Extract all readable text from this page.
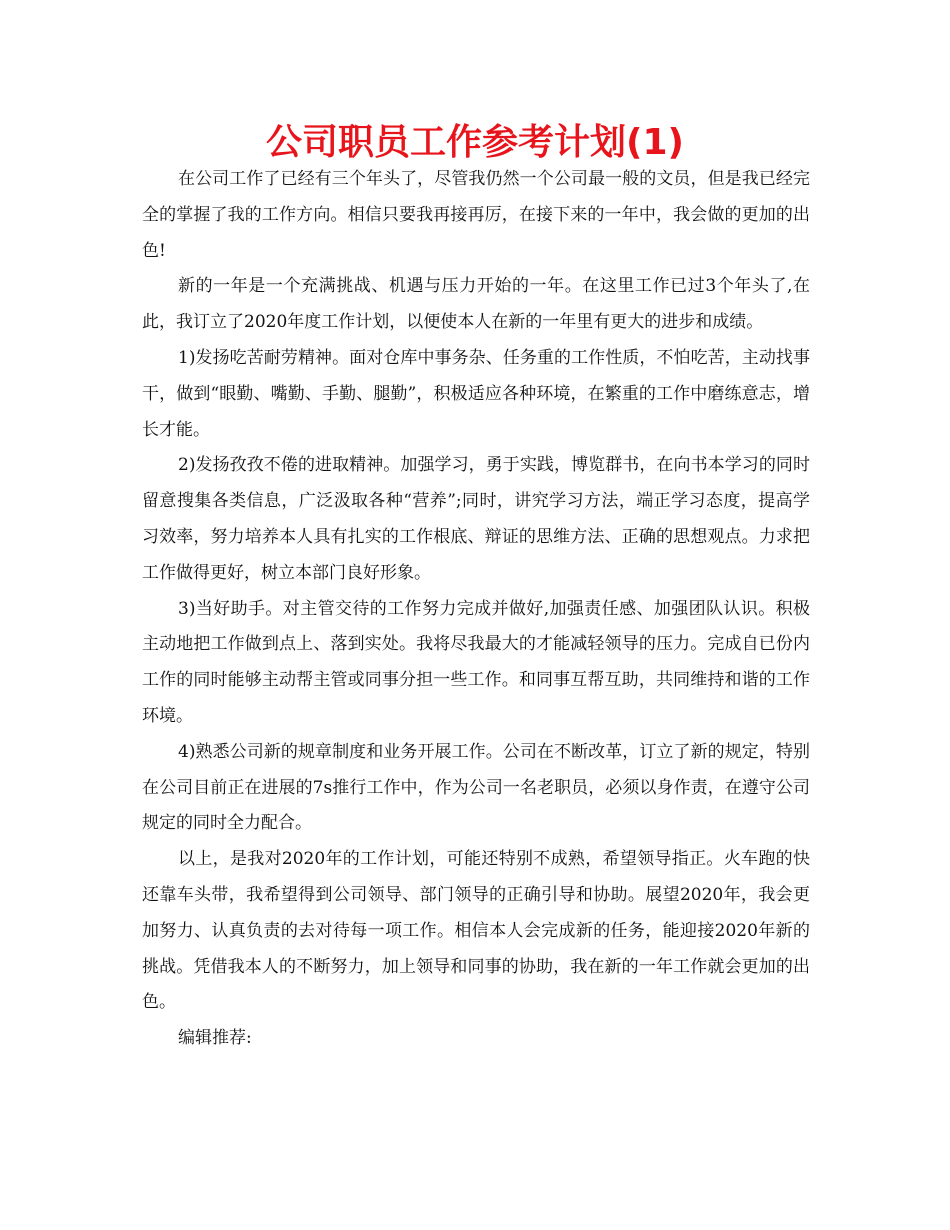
公司职员工作参考计划(1)

在公司工作了已经有三个年头了，尽管我仍然一个公司最一般的文员，但是我已经完全的掌握了我的工作方向。相信只要我再接再厉，在接下来的一年中，我会做的更加的出色!

新的一年是一个充满挑战、机遇与压力开始的一年。在这里工作已过3个年头了,在此，我订立了2020年度工作计划，以便使本人在新的一年里有更大的进步和成绩。

1)发扬吃苦耐劳精神。面对仓库中事务杂、任务重的工作性质，不怕吃苦，主动找事干，做到“眼勤、嘴勤、手勤、腿勤”，积极适应各种环境，在繁重的工作中磨练意志，增长才能。

2)发扬孜孜不倦的进取精神。加强学习，勇于实践，博览群书，在向书本学习的同时留意搜集各类信息，广泛汲取各种“营养”;同时，讲究学习方法，端正学习态度，提高学习效率，努力培养本人具有扎实的工作根底、辩证的思维方法、正确的思想观点。力求把工作做得更好，树立本部门良好形象。

3)当好助手。对主管交待的工作努力完成并做好,加强责任感、加强团队认识。积极主动地把工作做到点上、落到实处。我将尽我最大的才能减轻领导的压力。完成自已份内工作的同时能够主动帮主管或同事分担一些工作。和同事互帮互助，共同维持和谐的工作环境。

4)熟悉公司新的规章制度和业务开展工作。公司在不断改革，订立了新的规定，特别在公司目前正在进展的7s推行工作中，作为公司一名老职员，必须以身作责，在遵守公司规定的同时全力配合。

以上，是我对2020年的工作计划，可能还特别不成熟，希望领导指正。火车跑的快还靠车头带，我希望得到公司领导、部门领导的正确引导和协助。展望2020年，我会更加努力、认真负责的去对待每一项工作。相信本人会完成新的任务，能迎接2020年新的挑战。凭借我本人的不断努力，加上领导和同事的协助，我在新的一年工作就会更加的出色。

编辑推荐:
